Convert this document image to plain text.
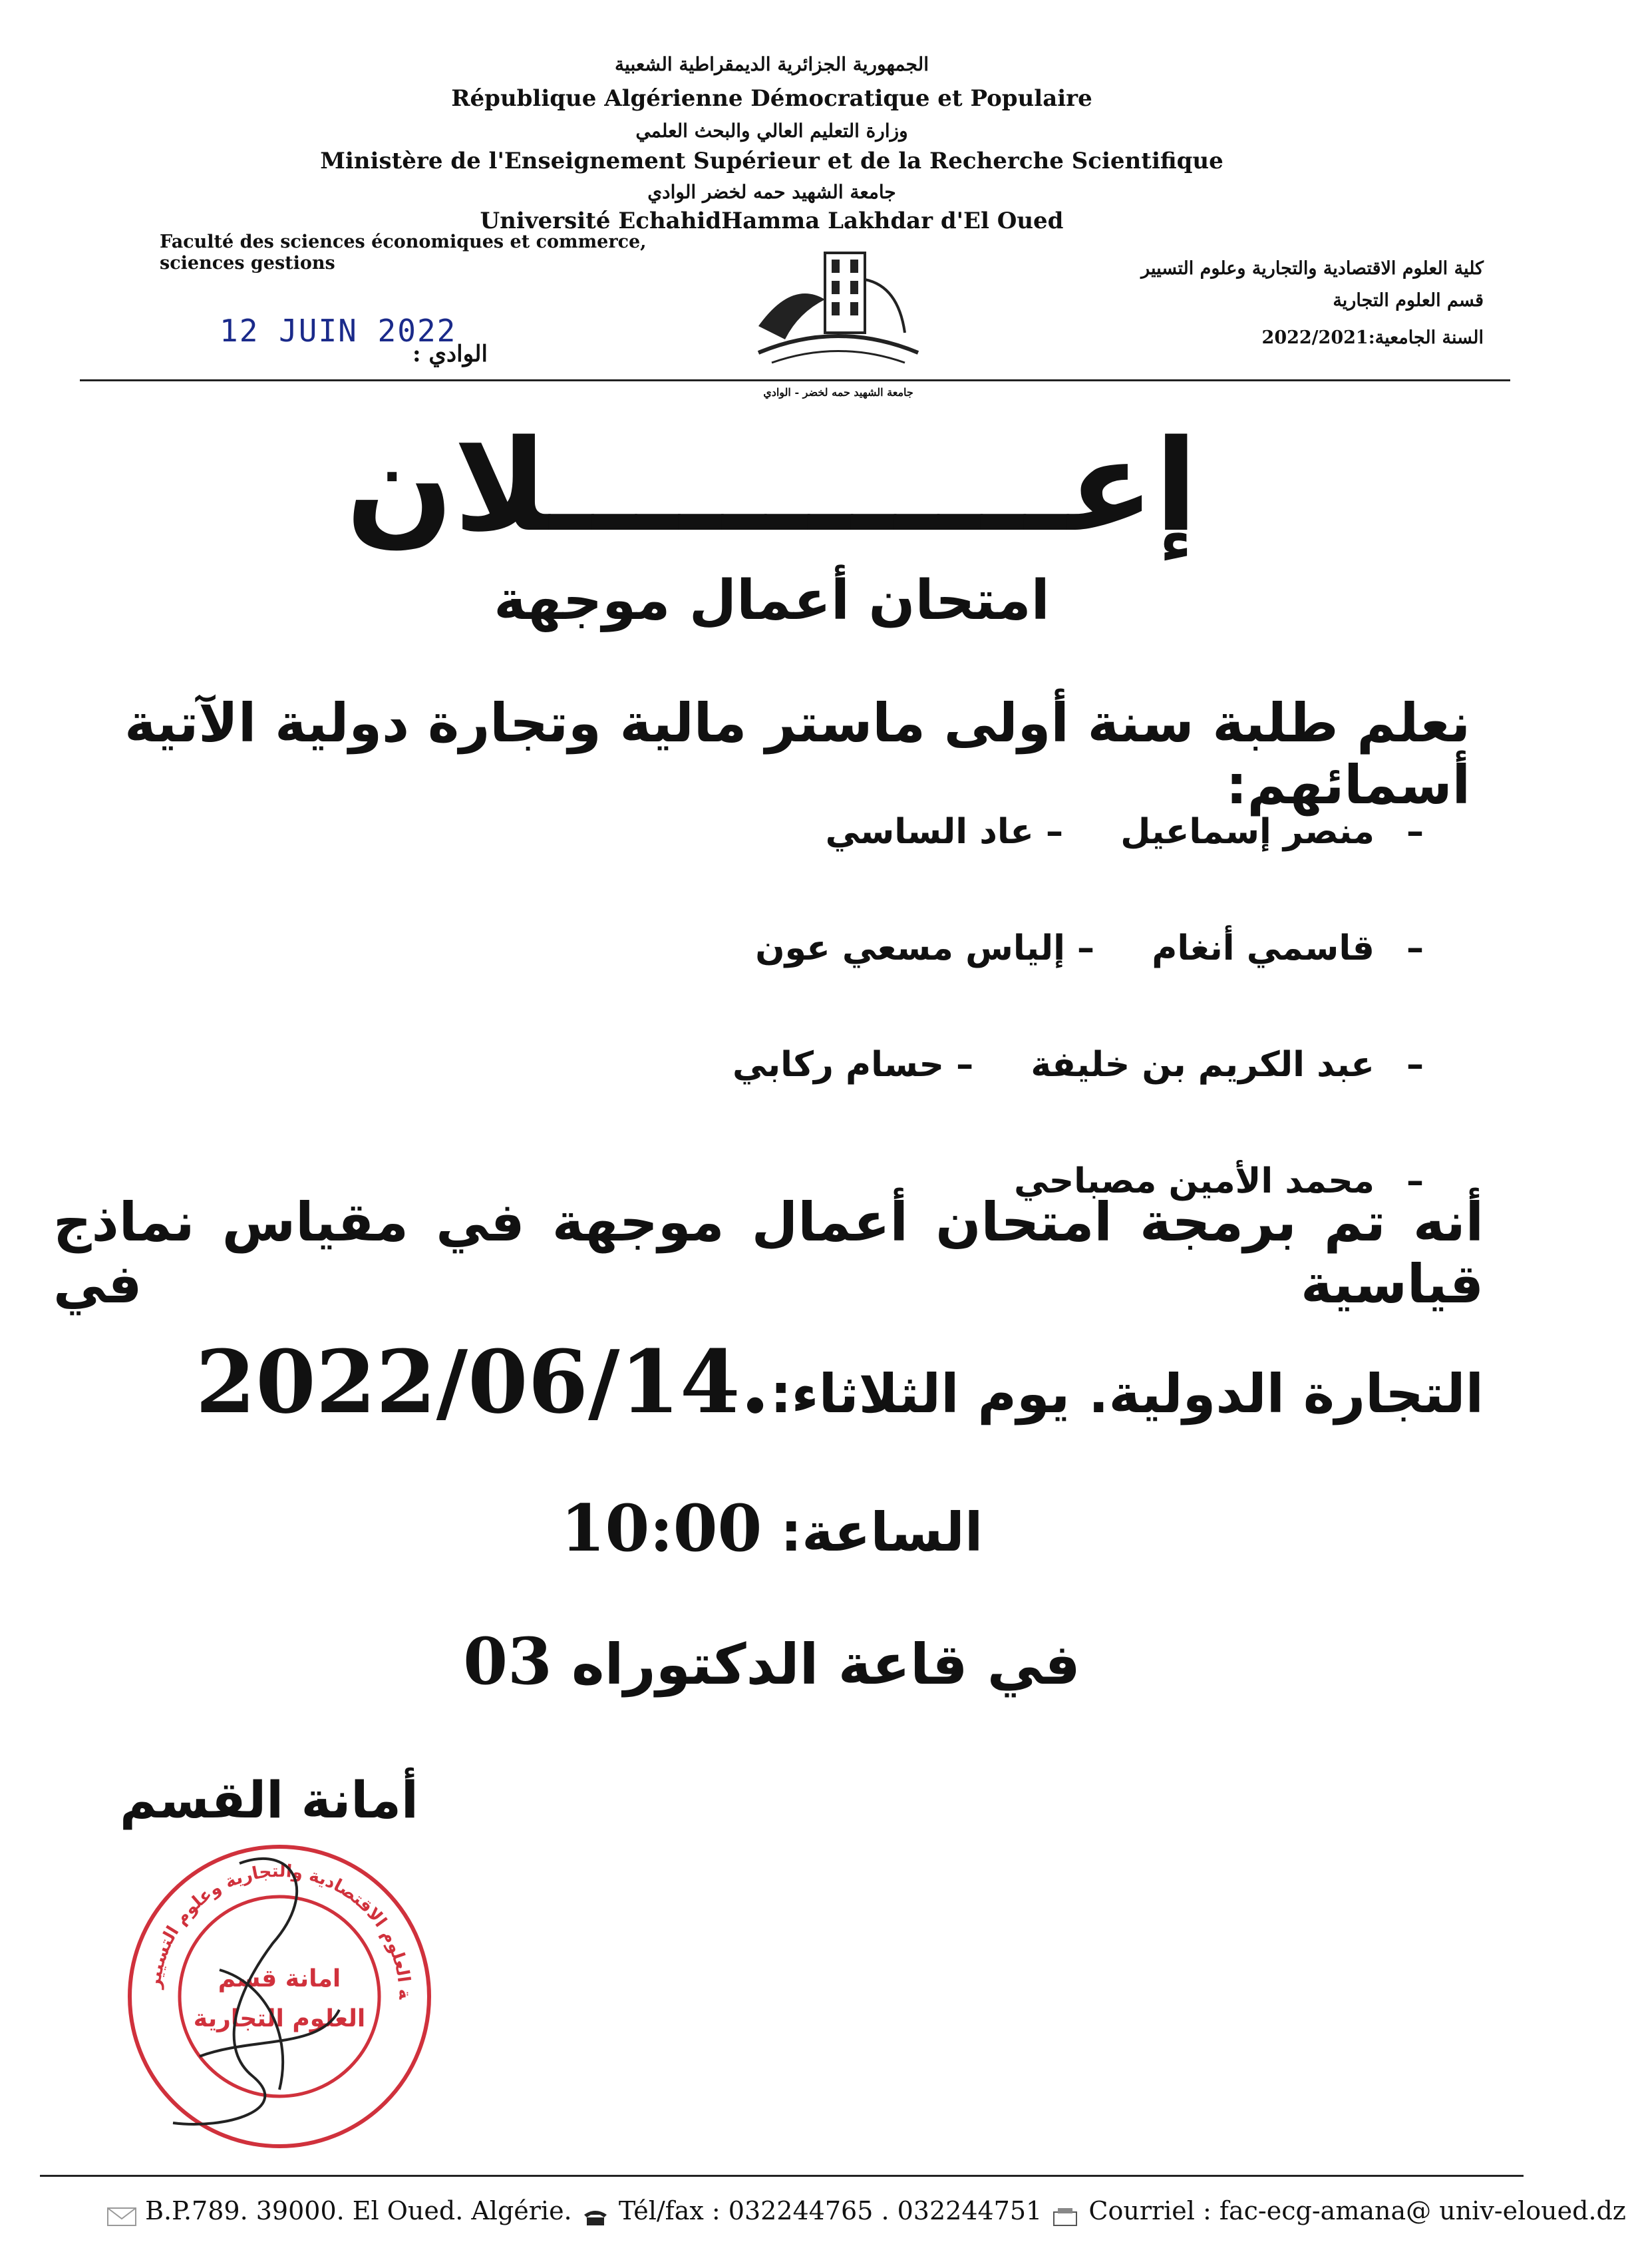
الجمهورية الجزائرية الديمقراطية الشعبية
République Algérienne Démocratique et Populaire
وزارة التعليم العالي والبحث العلمي
Ministère de l'Enseignement Supérieur et de la Recherche Scientifique
جامعة الشهيد حمه لخضر الوادي
Université EchahidHamma Lakhdar d'El Oued
Faculté des sciences économiques et commerce, sciences gestions	كلية العلوم الاقتصادية والتجارية وعلوم التسيير
قسم العلوم التجارية
السنة الجامعية:2022/2021
12 JUIN 2022
الوادي :
جامعة الشهيد حمه لخضر - الوادي
إعــــــــــــلان
امتحان أعمال موجهة
نعلم طلبة سنة أولى ماستر مالية وتجارة دولية الآتية أسمائهم:
– منصر إسماعيل  – عاد الساسي
– قاسمي أنغام  – إلياس مسعي عون
– عبد الكريم بن خليفة  – حسام ركابي
– محمد الأمين مصباحي
أنه تم برمجة امتحان أعمال موجهة في مقياس نماذج قياسية في
التجارة الدولية. يوم الثلاثاء:2022/06/14.
الساعة: 10:00
في قاعة الدكتوراه 03
أمانة القسم
ة العلوم الاقتصادية والتجارية وعلوم التسيير
امانة قسم
العلوم التجارية
B.P.789. 39000. El Oued. Algérie. Tél/fax : 032244765 . 032244751 Courriel : fac-ecg-amana@ univ-eloued.dz
